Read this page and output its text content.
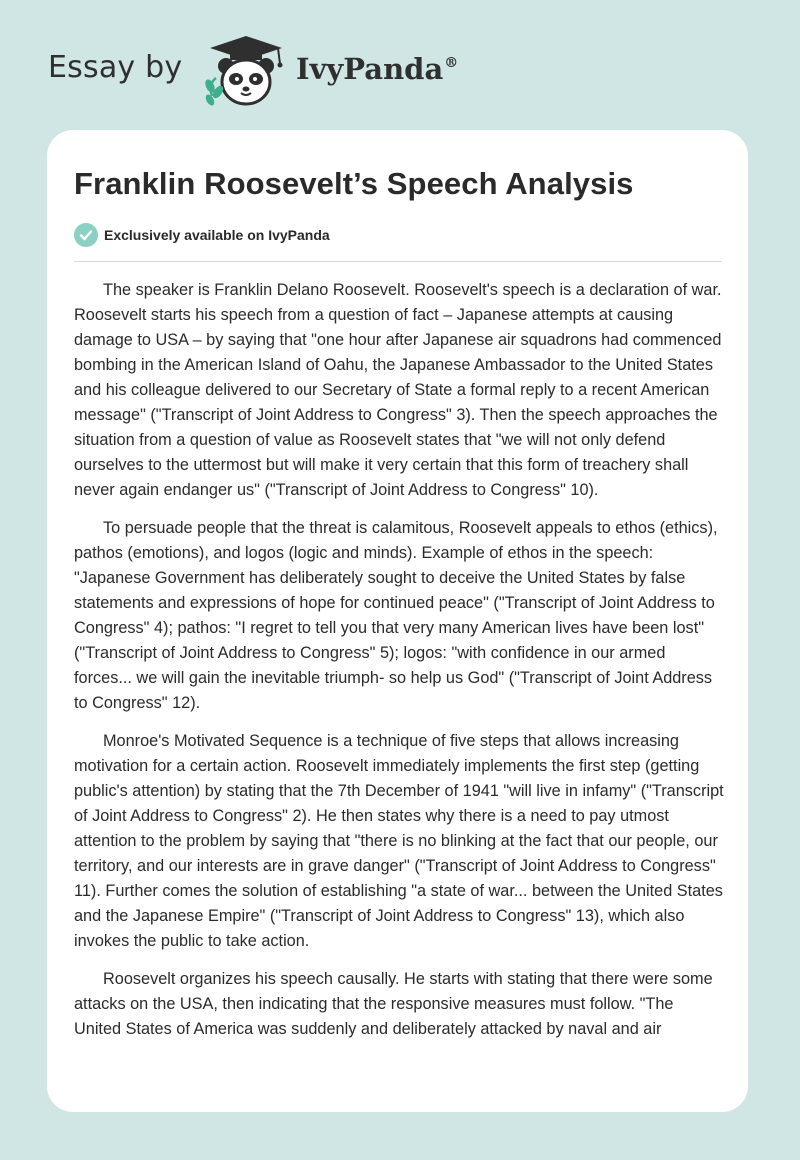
Essay by	IvyPanda®
Franklin Roosevelt’s Speech Analysis
Exclusively available on IvyPanda

The speaker is Franklin Delano Roosevelt. Roosevelt's speech is a declaration of war. Roosevelt starts his speech from a question of fact – Japanese attempts at causing damage to USA – by saying that "one hour after Japanese air squadrons had commenced bombing in the American Island of Oahu, the Japanese Ambassador to the United States and his colleague delivered to our Secretary of State a formal reply to a recent American message" ("Transcript of Joint Address to Congress" 3). Then the speech approaches the situation from a question of value as Roosevelt states that "we will not only defend ourselves to the uttermost but will make it very certain that this form of treachery shall never again endanger us" ("Transcript of Joint Address to Congress" 10).

To persuade people that the threat is calamitous, Roosevelt appeals to ethos (ethics), pathos (emotions), and logos (logic and minds). Example of ethos in the speech: "Japanese Government has deliberately sought to deceive the United States by false statements and expressions of hope for continued peace" ("Transcript of Joint Address to Congress" 4); pathos: "I regret to tell you that very many American lives have been lost" ("Transcript of Joint Address to Congress" 5); logos: "with confidence in our armed forces... we will gain the inevitable triumph- so help us God" ("Transcript of Joint Address to Congress" 12).

Monroe's Motivated Sequence is a technique of five steps that allows increasing motivation for a certain action. Roosevelt immediately implements the first step (getting public's attention) by stating that the 7th December of 1941 "will live in infamy" ("Transcript of Joint Address to Congress" 2). He then states why there is a need to pay utmost attention to the problem by saying that "there is no blinking at the fact that our people, our territory, and our interests are in grave danger" ("Transcript of Joint Address to Congress" 11). Further comes the solution of establishing "a state of war... between the United States and the Japanese Empire" ("Transcript of Joint Address to Congress" 13), which also invokes the public to take action.

Roosevelt organizes his speech causally. He starts with stating that there were some attacks on the USA, then indicating that the responsive measures must follow. "The United States of America was suddenly and deliberately attacked by naval and air
